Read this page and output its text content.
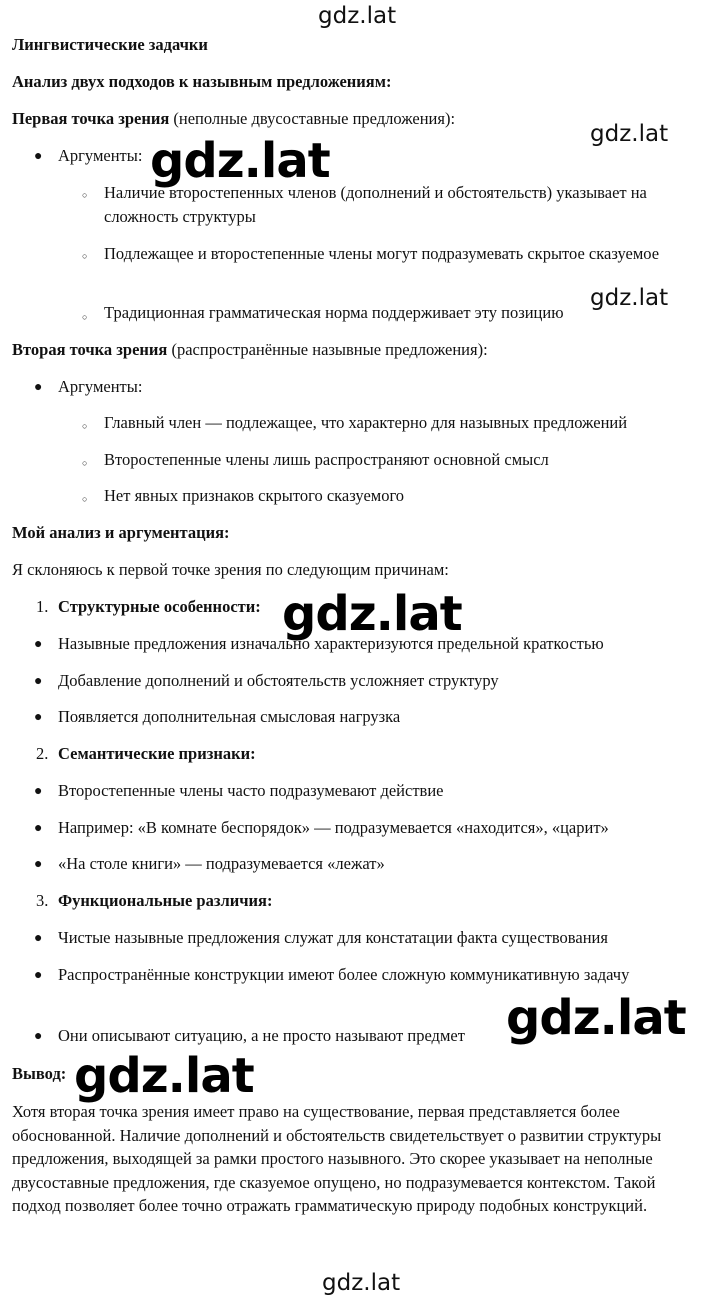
Лингвистические задачки
Анализ двух подходов к назывным предложениям:
Первая точка зрения (неполные двусоставные предложения):
● Аргументы:
○ Наличие второстепенных членов (дополнений и обстоятельств) указывает на сложность структуры
○ Подлежащее и второстепенные члены могут подразумевать скрытое сказуемое
○ Традиционная грамматическая норма поддерживает эту позицию
Вторая точка зрения (распространённые назывные предложения):
● Аргументы:
○ Главный член — подлежащее, что характерно для назывных предложений
○ Второстепенные члены лишь распространяют основной смысл
○ Нет явных признаков скрытого сказуемого
Мой анализ и аргументация:
Я склоняюсь к первой точке зрения по следующим причинам:
1. Структурные особенности:
● Назывные предложения изначально характеризуются предельной краткостью
● Добавление дополнений и обстоятельств усложняет структуру
● Появляется дополнительная смысловая нагрузка
2. Семантические признаки:
● Второстепенные члены часто подразумевают действие
● Например: «В комнате беспорядок» — подразумевается «находится», «царит»
● «На столе книги» — подразумевается «лежат»
3. Функциональные различия:
● Чистые назывные предложения служат для констатации факта существования
● Распространённые конструкции имеют более сложную коммуникативную задачу
● Они описывают ситуацию, а не просто называют предмет
Вывод:
Хотя вторая точка зрения имеет право на существование, первая представляется более обоснованной. Наличие дополнений и обстоятельств свидетельствует о развитии структуры предложения, выходящей за рамки простого назывного. Это скорее указывает на неполные двусоставные предложения, где сказуемое опущено, но подразумевается контекстом. Такой подход позволяет более точно отражать грамматическую природу подобных конструкций.
gdz.lat
gdz.lat
gdz.lat
gdz.lat
gdz.lat
gdz.lat
gdz.lat
gdz.lat
